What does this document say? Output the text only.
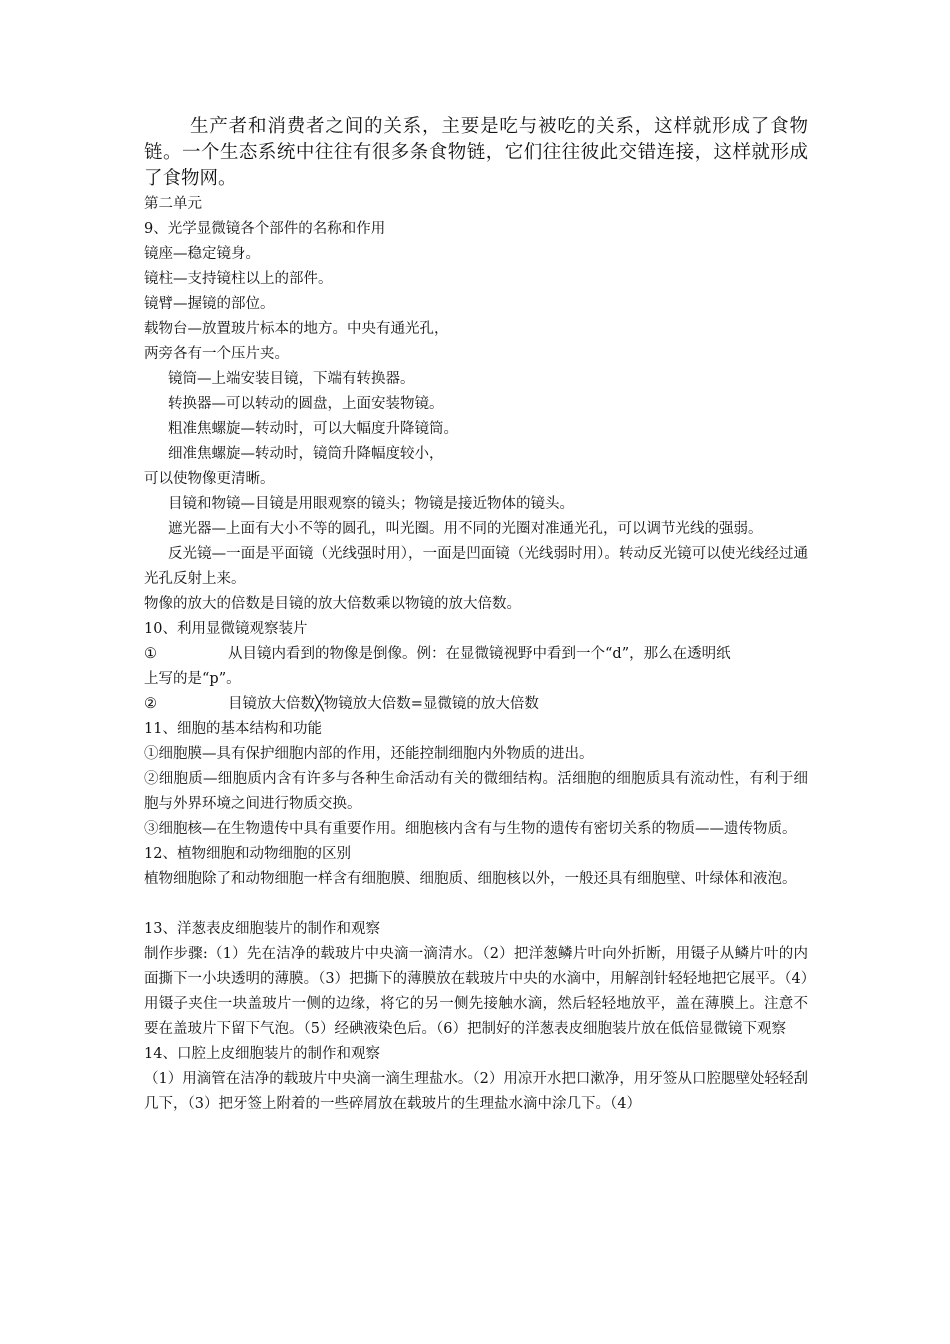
生产者和消费者之间的关系，主要是吃与被吃的关系，这样就形成了食物链。一个生态系统中往往有很多条食物链，它们往往彼此交错连接，这样就形成了食物网。

第二单元

9、光学显微镜各个部件的名称和作用

镜座—稳定镜身。

镜柱—支持镜柱以上的部件。

镜臂—握镜的部位。

载物台—放置玻片标本的地方。中央有通光孔，

两旁各有一个压片夹。

镜筒—上端安装目镜，下端有转换器。

转换器—可以转动的圆盘，上面安装物镜。

粗准焦螺旋—转动时，可以大幅度升降镜筒。

细准焦螺旋—转动时，镜筒升降幅度较小，

可以使物像更清晰。

目镜和物镜—目镜是用眼观察的镜头；物镜是接近物体的镜头。

遮光器—上面有大小不等的圆孔，叫光圈。用不同的光圈对准通光孔，可以调节光线的强弱。

反光镜—一面是平面镜（光线强时用），一面是凹面镜（光线弱时用）。转动反光镜可以使光线经过通光孔反射上来。

物像的放大的倍数是目镜的放大倍数乘以物镜的放大倍数。

10、利用显微镜观察装片

①	从目镜内看到的物像是倒像。例：在显微镜视野中看到一个“d”，那么在透明纸

上写的是“p”。

②	目镜放大倍数╳物镜放大倍数=显微镜的放大倍数

11、细胞的基本结构和功能

①细胞膜—具有保护细胞内部的作用，还能控制细胞内外物质的进出。

②细胞质—细胞质内含有许多与各种生命活动有关的微细结构。活细胞的细胞质具有流动性，有利于细胞与外界环境之间进行物质交换。

③细胞核—在生物遗传中具有重要作用。细胞核内含有与生物的遗传有密切关系的物质——遗传物质。

12、植物细胞和动物细胞的区别

植物细胞除了和动物细胞一样含有细胞膜、细胞质、细胞核以外，一般还具有细胞壁、叶绿体和液泡。

13、洋葱表皮细胞装片的制作和观察

制作步骤:（1）先在洁净的载玻片中央滴一滴清水。（2）把洋葱鳞片叶向外折断，用镊子从鳞片叶的内面撕下一小块透明的薄膜。（3）把撕下的薄膜放在载玻片中央的水滴中，用解剖针轻轻地把它展平。（4）用镊子夹住一块盖玻片一侧的边缘，将它的另一侧先接触水滴，然后轻轻地放平，盖在薄膜上。注意不要在盖玻片下留下气泡。（5）经碘液染色后。（6）把制好的洋葱表皮细胞装片放在低倍显微镜下观察

14、口腔上皮细胞装片的制作和观察

（1）用滴管在洁净的载玻片中央滴一滴生理盐水。（2）用凉开水把口漱净，用牙签从口腔腮壁处轻轻刮几下，（3）把牙签上附着的一些碎屑放在载玻片的生理盐水滴中涂几下。（4）
